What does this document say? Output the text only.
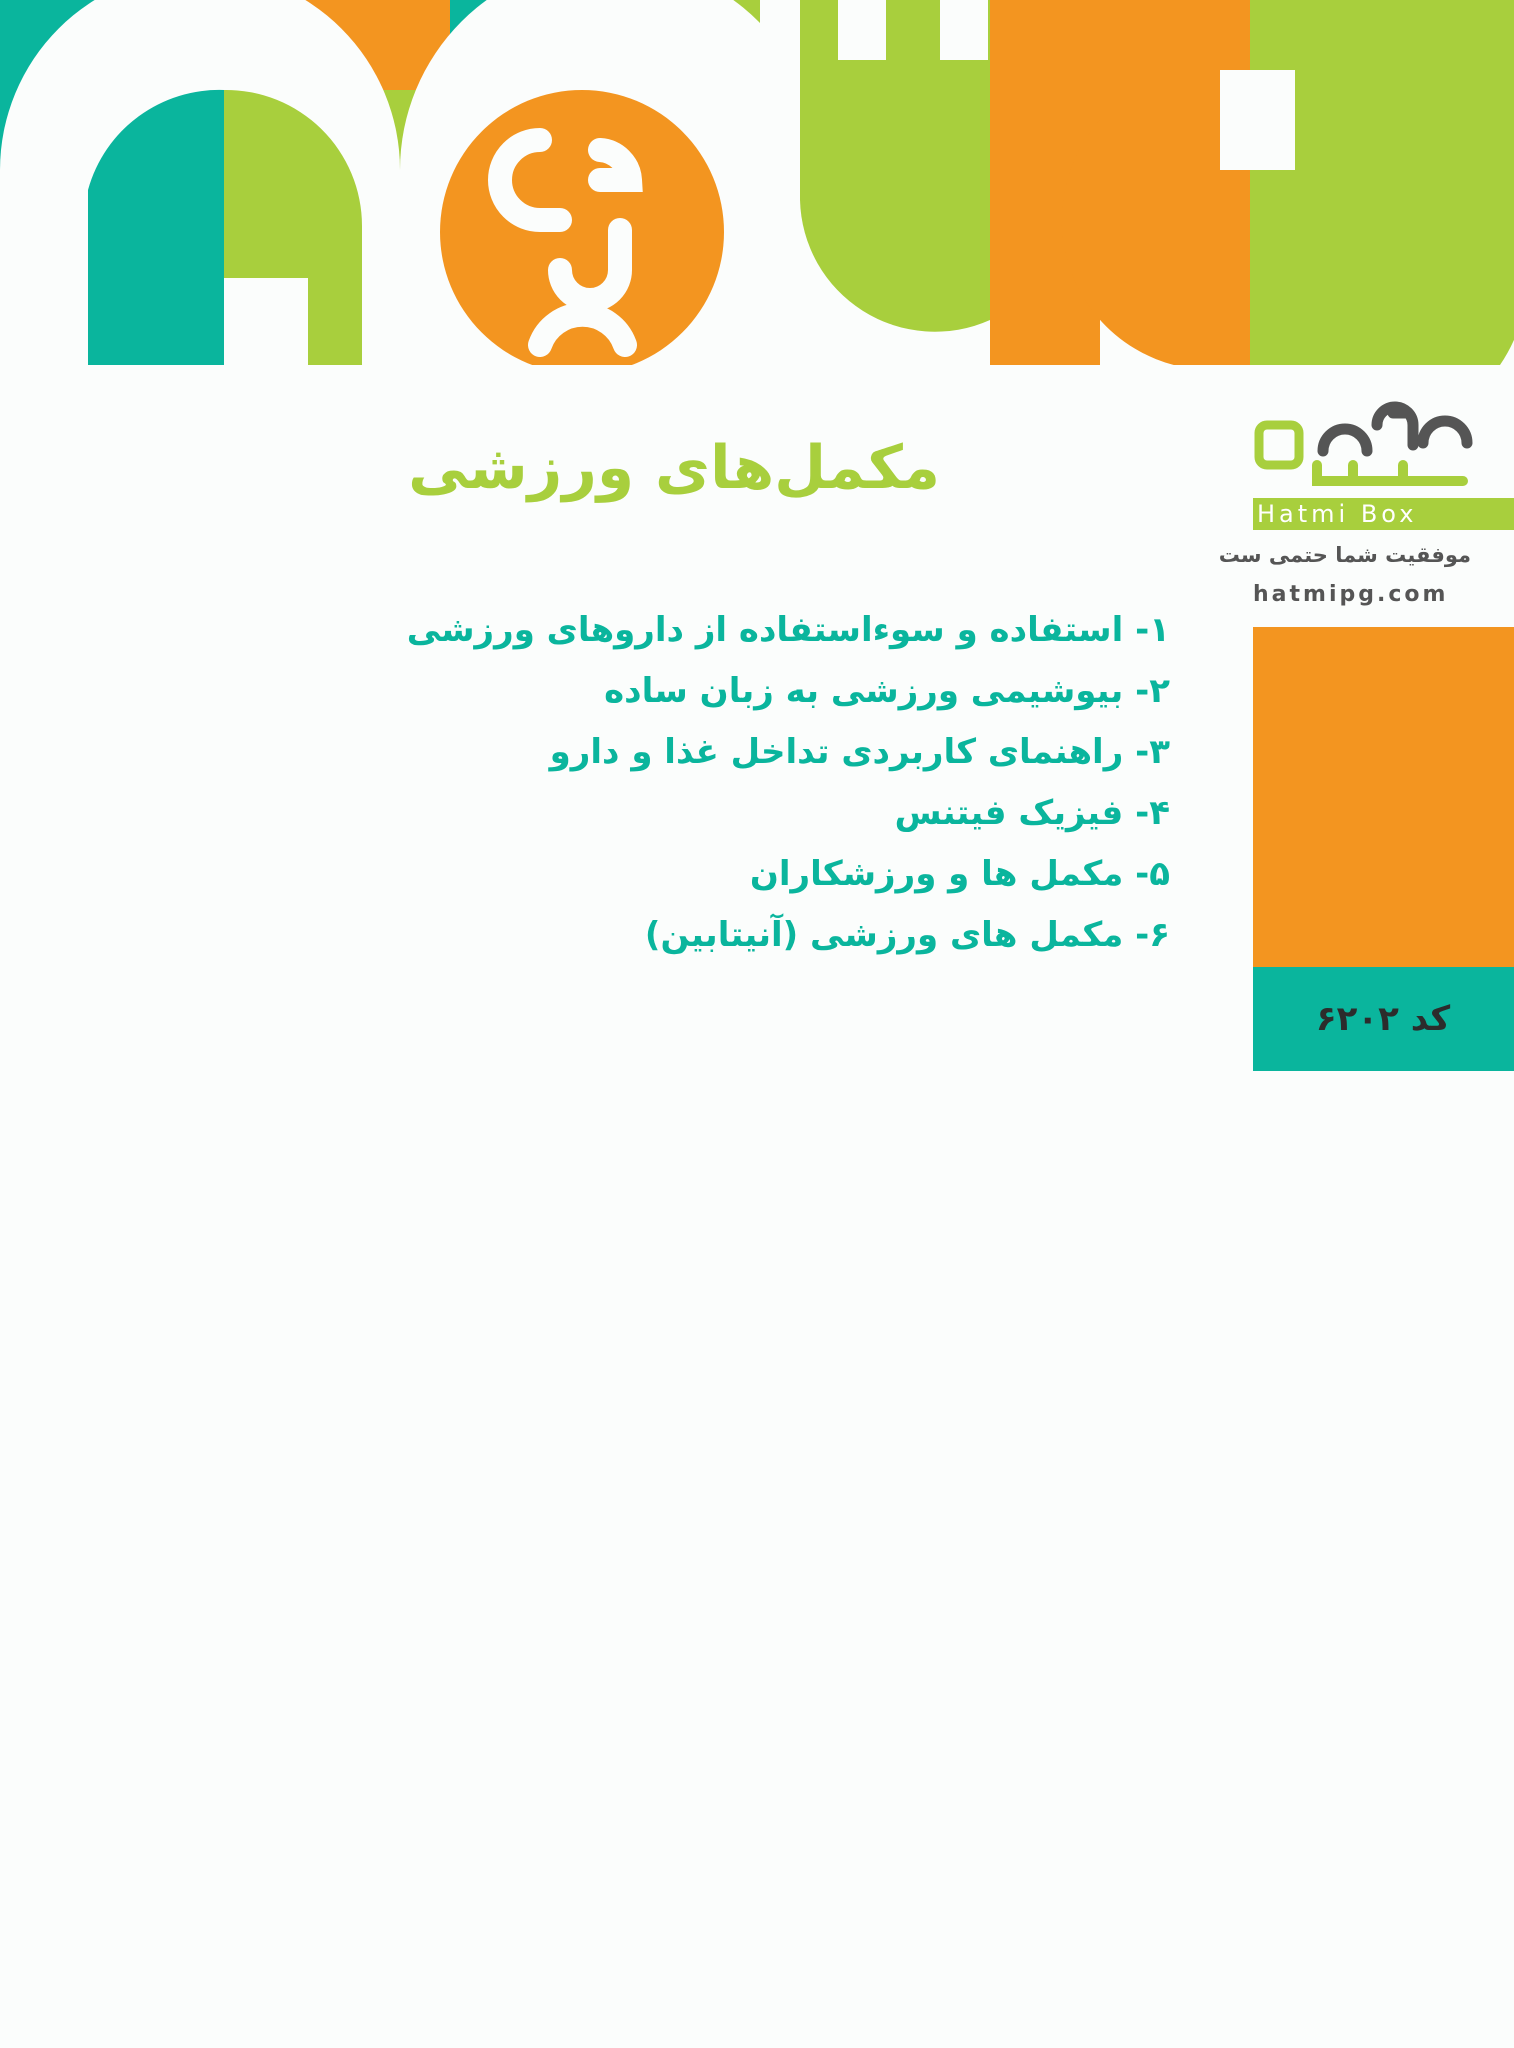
مکمل‌های ورزشی
۱- استفاده و سوءاستفاده از داروهای ورزشی
۲- بیوشیمی ورزشی به زبان ساده
۳- راهنمای کاربردی تداخل غذا و دارو
۴- فیزیک فیتنس
۵- مکمل ها و ورزشکاران
۶- مکمل های ورزشی (آنیتابین)
Hatmi Box
موفقیت شما حتمی ست
hatmipg.com
کد ۶۲۰۲
